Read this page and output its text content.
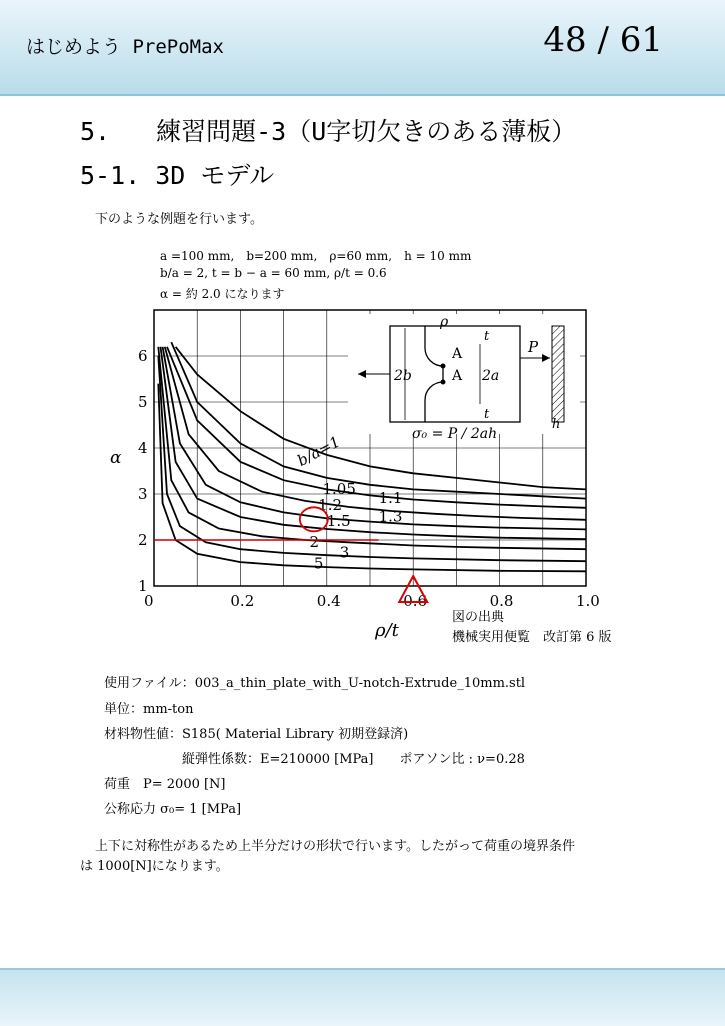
はじめよう PrePoMax	48 / 61
5. 練習問題-3（U字切欠きのある薄板）
5-1. 3D モデル
下のような例題を行います。
a =100 mm,　b=200 mm,　ρ=60 mm,　h = 10 mm
b/a = 2, t = b − a = 60 mm, ρ/t = 0.6
α = 約 2.0 になります
0	0.2	0.4	0.6	0.8	1.0
1
2
3
4
5
6
b/a=1
1.05
1.1
1.2
1.3
1.5
2
3
5
ρ/t
α
2b
ρ
A
A 2a
t
t
P
h
σ₀ = P / 2ah
図の出典
機械実用便覧　改訂第 6 版
使用ファイル：003_a_thin_plate_with_U-notch-Extrude_10mm.stl
単位：mm-ton
材料物性値：S185( Material Library 初期登録済)
縦弾性係数：E=210000 [MPa]　　ポアソン比 : ν=0.28
荷重　P= 2000 [N]
公称応力 σ₀= 1 [MPa]
上下に対称性があるため上半分だけの形状で行います。したがって荷重の境界条件
は 1000[N]になります。
